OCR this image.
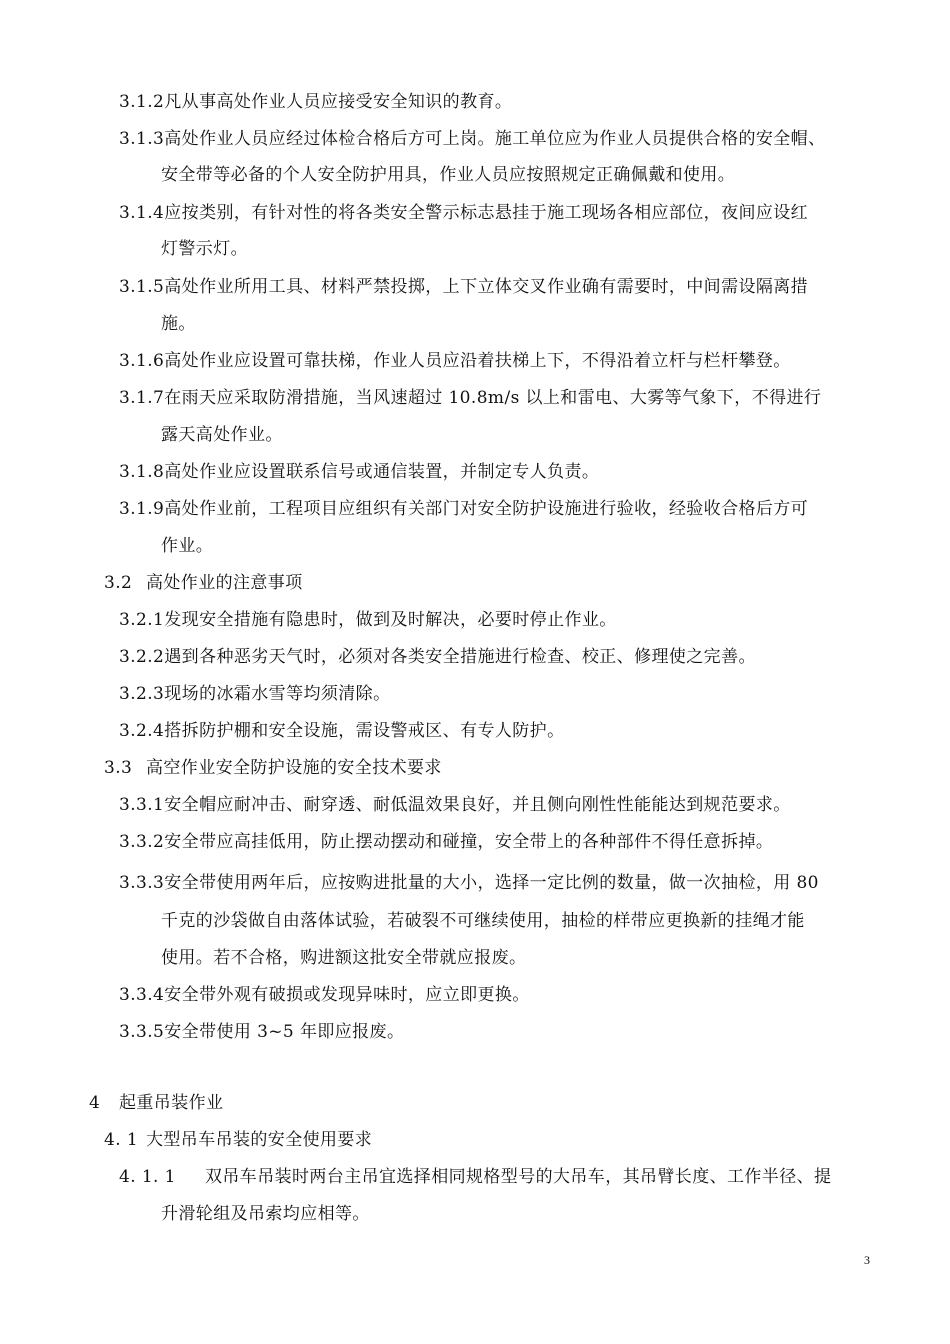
3.1.2凡从事高处作业人员应接受安全知识的教育。
3.1.3高处作业人员应经过体检合格后方可上岗。施工单位应为作业人员提供合格的安全帽、
安全带等必备的个人安全防护用具，作业人员应按照规定正确佩戴和使用。
3.1.4应按类别，有针对性的将各类安全警示标志悬挂于施工现场各相应部位，夜间应设红
灯警示灯。
3.1.5高处作业所用工具、材料严禁投掷，上下立体交叉作业确有需要时，中间需设隔离措
施。
3.1.6高处作业应设置可靠扶梯，作业人员应沿着扶梯上下，不得沿着立杆与栏杆攀登。
3.1.7在雨天应采取防滑措施，当风速超过 10.8m/s 以上和雷电、大雾等气象下，不得进行
露天高处作业。
3.1.8高处作业应设置联系信号或通信装置，并制定专人负责。
3.1.9高处作业前，工程项目应组织有关部门对安全防护设施进行验收，经验收合格后方可
作业。
3.2 高处作业的注意事项
3.2.1发现安全措施有隐患时，做到及时解决，必要时停止作业。
3.2.2遇到各种恶劣天气时，必须对各类安全措施进行检查、校正、修理使之完善。
3.2.3现场的冰霜水雪等均须清除。
3.2.4搭拆防护棚和安全设施，需设警戒区、有专人防护。
3.3 高空作业安全防护设施的安全技术要求
3.3.1安全帽应耐冲击、耐穿透、耐低温效果良好，并且侧向刚性性能能达到规范要求。
3.3.2安全带应高挂低用，防止摆动摆动和碰撞，安全带上的各种部件不得任意拆掉。
3.3.3安全带使用两年后，应按购进批量的大小，选择一定比例的数量，做一次抽检，用 80
千克的沙袋做自由落体试验，若破裂不可继续使用，抽检的样带应更换新的挂绳才能
使用。若不合格，购进额这批安全带就应报废。
3.3.4安全带外观有破损或发现异味时，应立即更换。
3.3.5安全带使用 3~5 年即应报废。
4 起重吊装作业
4. 1 大型吊车吊装的安全使用要求
4. 1. 1 双吊车吊装时两台主吊宜选择相同规格型号的大吊车，其吊臂长度、工作半径、提
升滑轮组及吊索均应相等。
3
